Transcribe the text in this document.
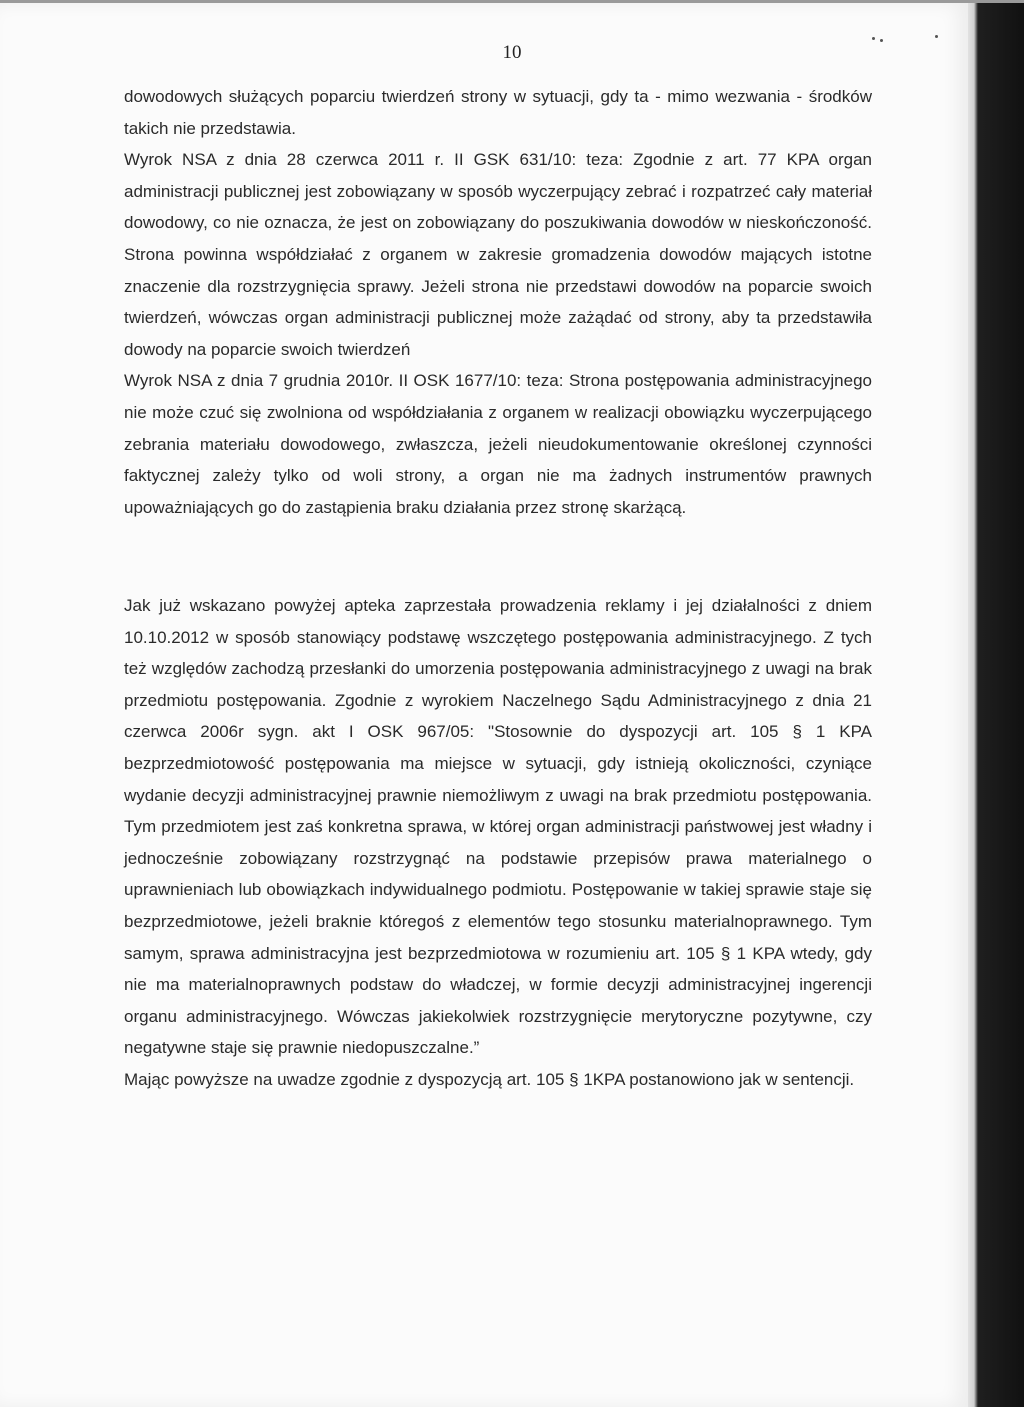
10

dowodowych służących poparciu twierdzeń strony w sytuacji, gdy ta - mimo wezwania - środków takich nie przedstawia.

Wyrok NSA z dnia 28 czerwca 2011 r. II GSK 631/10: teza: Zgodnie z art. 77 KPA organ administracji publicznej jest zobowiązany w sposób wyczerpujący zebrać i rozpatrzeć cały materiał dowodowy, co nie oznacza, że jest on zobowiązany do poszukiwania dowodów w nieskończoność. Strona powinna współdziałać z organem w zakresie gromadzenia dowodów mających istotne znaczenie dla rozstrzygnięcia sprawy. Jeżeli strona nie przedstawi dowodów na poparcie swoich twierdzeń, wówczas organ administracji publicznej może zażądać od strony, aby ta przedstawiła dowody na poparcie swoich twierdzeń

Wyrok NSA z dnia 7 grudnia 2010r. II OSK 1677/10: teza: Strona postępowania administracyjnego nie może czuć się zwolniona od współdziałania z organem w realizacji obowiązku wyczerpującego zebrania materiału dowodowego, zwłaszcza, jeżeli nieudokumentowanie określonej czynności faktycznej zależy tylko od woli strony, a organ nie ma żadnych instrumentów prawnych upoważniających go do zastąpienia braku działania przez stronę skarżącą.

Jak już wskazano powyżej apteka zaprzestała prowadzenia reklamy i jej działalności z dniem 10.10.2012 w sposób stanowiący podstawę wszczętego postępowania administracyjnego. Z tych też względów zachodzą przesłanki do umorzenia postępowania administracyjnego z uwagi na brak przedmiotu postępowania. Zgodnie z wyrokiem Naczelnego Sądu Administracyjnego z dnia 21 czerwca 2006r sygn. akt I OSK 967/05: "Stosownie do dyspozycji art. 105 § 1 KPA bezprzedmiotowość postępowania ma miejsce w sytuacji, gdy istnieją okoliczności, czyniące wydanie decyzji administracyjnej prawnie niemożliwym z uwagi na brak przedmiotu postępowania. Tym przedmiotem jest zaś konkretna sprawa, w której organ administracji państwowej jest władny i jednocześnie zobowiązany rozstrzygnąć na podstawie przepisów prawa materialnego o uprawnieniach lub obowiązkach indywidualnego podmiotu. Postępowanie w takiej sprawie staje się bezprzedmiotowe, jeżeli braknie któregoś z elementów tego stosunku materialnoprawnego. Tym samym, sprawa administracyjna jest bezprzedmiotowa w rozumieniu art. 105 § 1 KPA wtedy, gdy nie ma materialnoprawnych podstaw do władczej, w formie decyzji administracyjnej ingerencji organu administracyjnego. Wówczas jakiekolwiek rozstrzygnięcie merytoryczne pozytywne, czy negatywne staje się prawnie niedopuszczalne.”

Mając powyższe na uwadze zgodnie z dyspozycją art. 105 § 1KPA postanowiono jak w sentencji.
